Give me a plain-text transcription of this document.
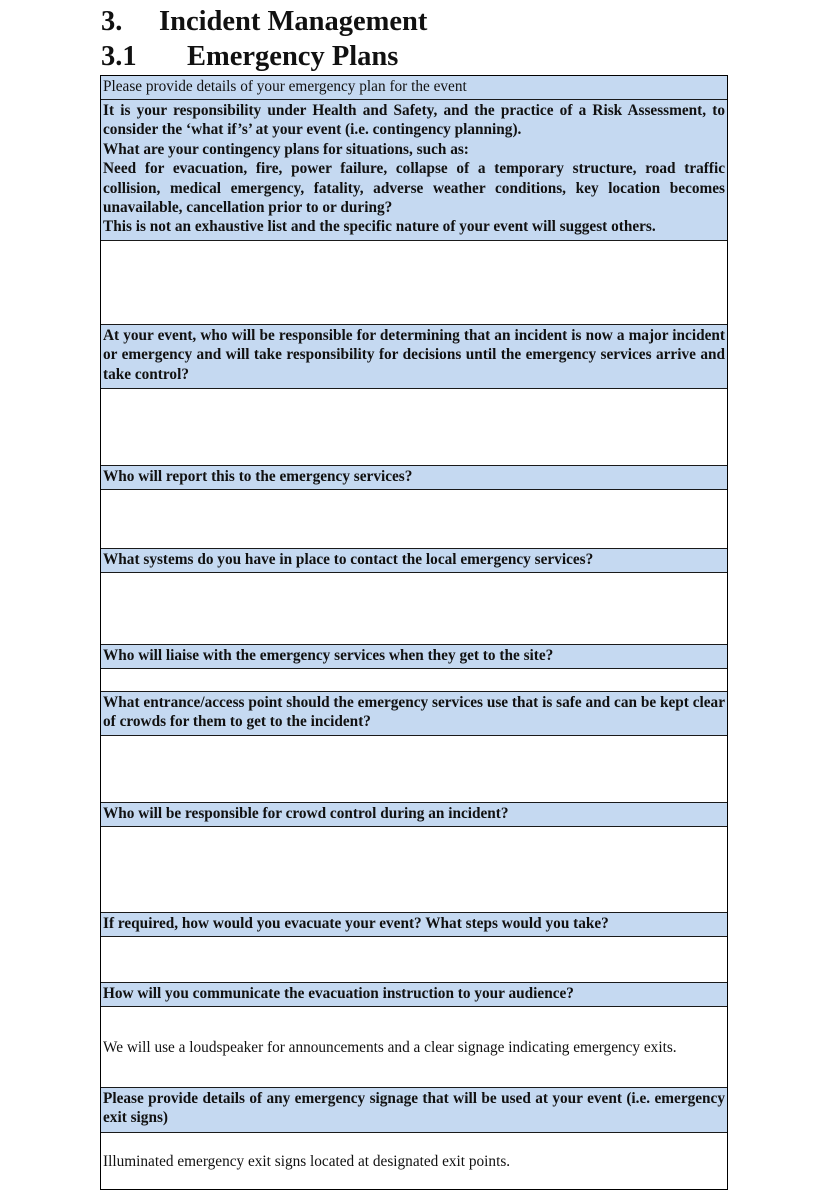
3. Incident Management
3.1 Emergency Plans

Please provide details of your emergency plan for the event

It is your responsibility under Health and Safety, and the practice of a Risk Assessment, to consider the ‘what if’s’ at your event (i.e. contingency planning).

What are your contingency plans for situations, such as:

Need for evacuation, fire, power failure, collapse of a temporary structure, road traffic collision, medical emergency, fatality, adverse weather conditions, key location becomes unavailable, cancellation prior to or during?

This is not an exhaustive list and the specific nature of your event will suggest others.

At your event, who will be responsible for determining that an incident is now a major incident or emergency and will take responsibility for decisions until the emergency services arrive and take control?

Who will report this to the emergency services?

What systems do you have in place to contact the local emergency services?

Who will liaise with the emergency services when they get to the site?

What entrance/access point should the emergency services use that is safe and can be kept clear of crowds for them to get to the incident?

Who will be responsible for crowd control during an incident?

If required, how would you evacuate your event? What steps would you take?

How will you communicate the evacuation instruction to your audience?

We will use a loudspeaker for announcements and a clear signage indicating emergency exits.

Please provide details of any emergency signage that will be used at your event (i.e. emergency exit signs)

Illuminated emergency exit signs located at designated exit points.
